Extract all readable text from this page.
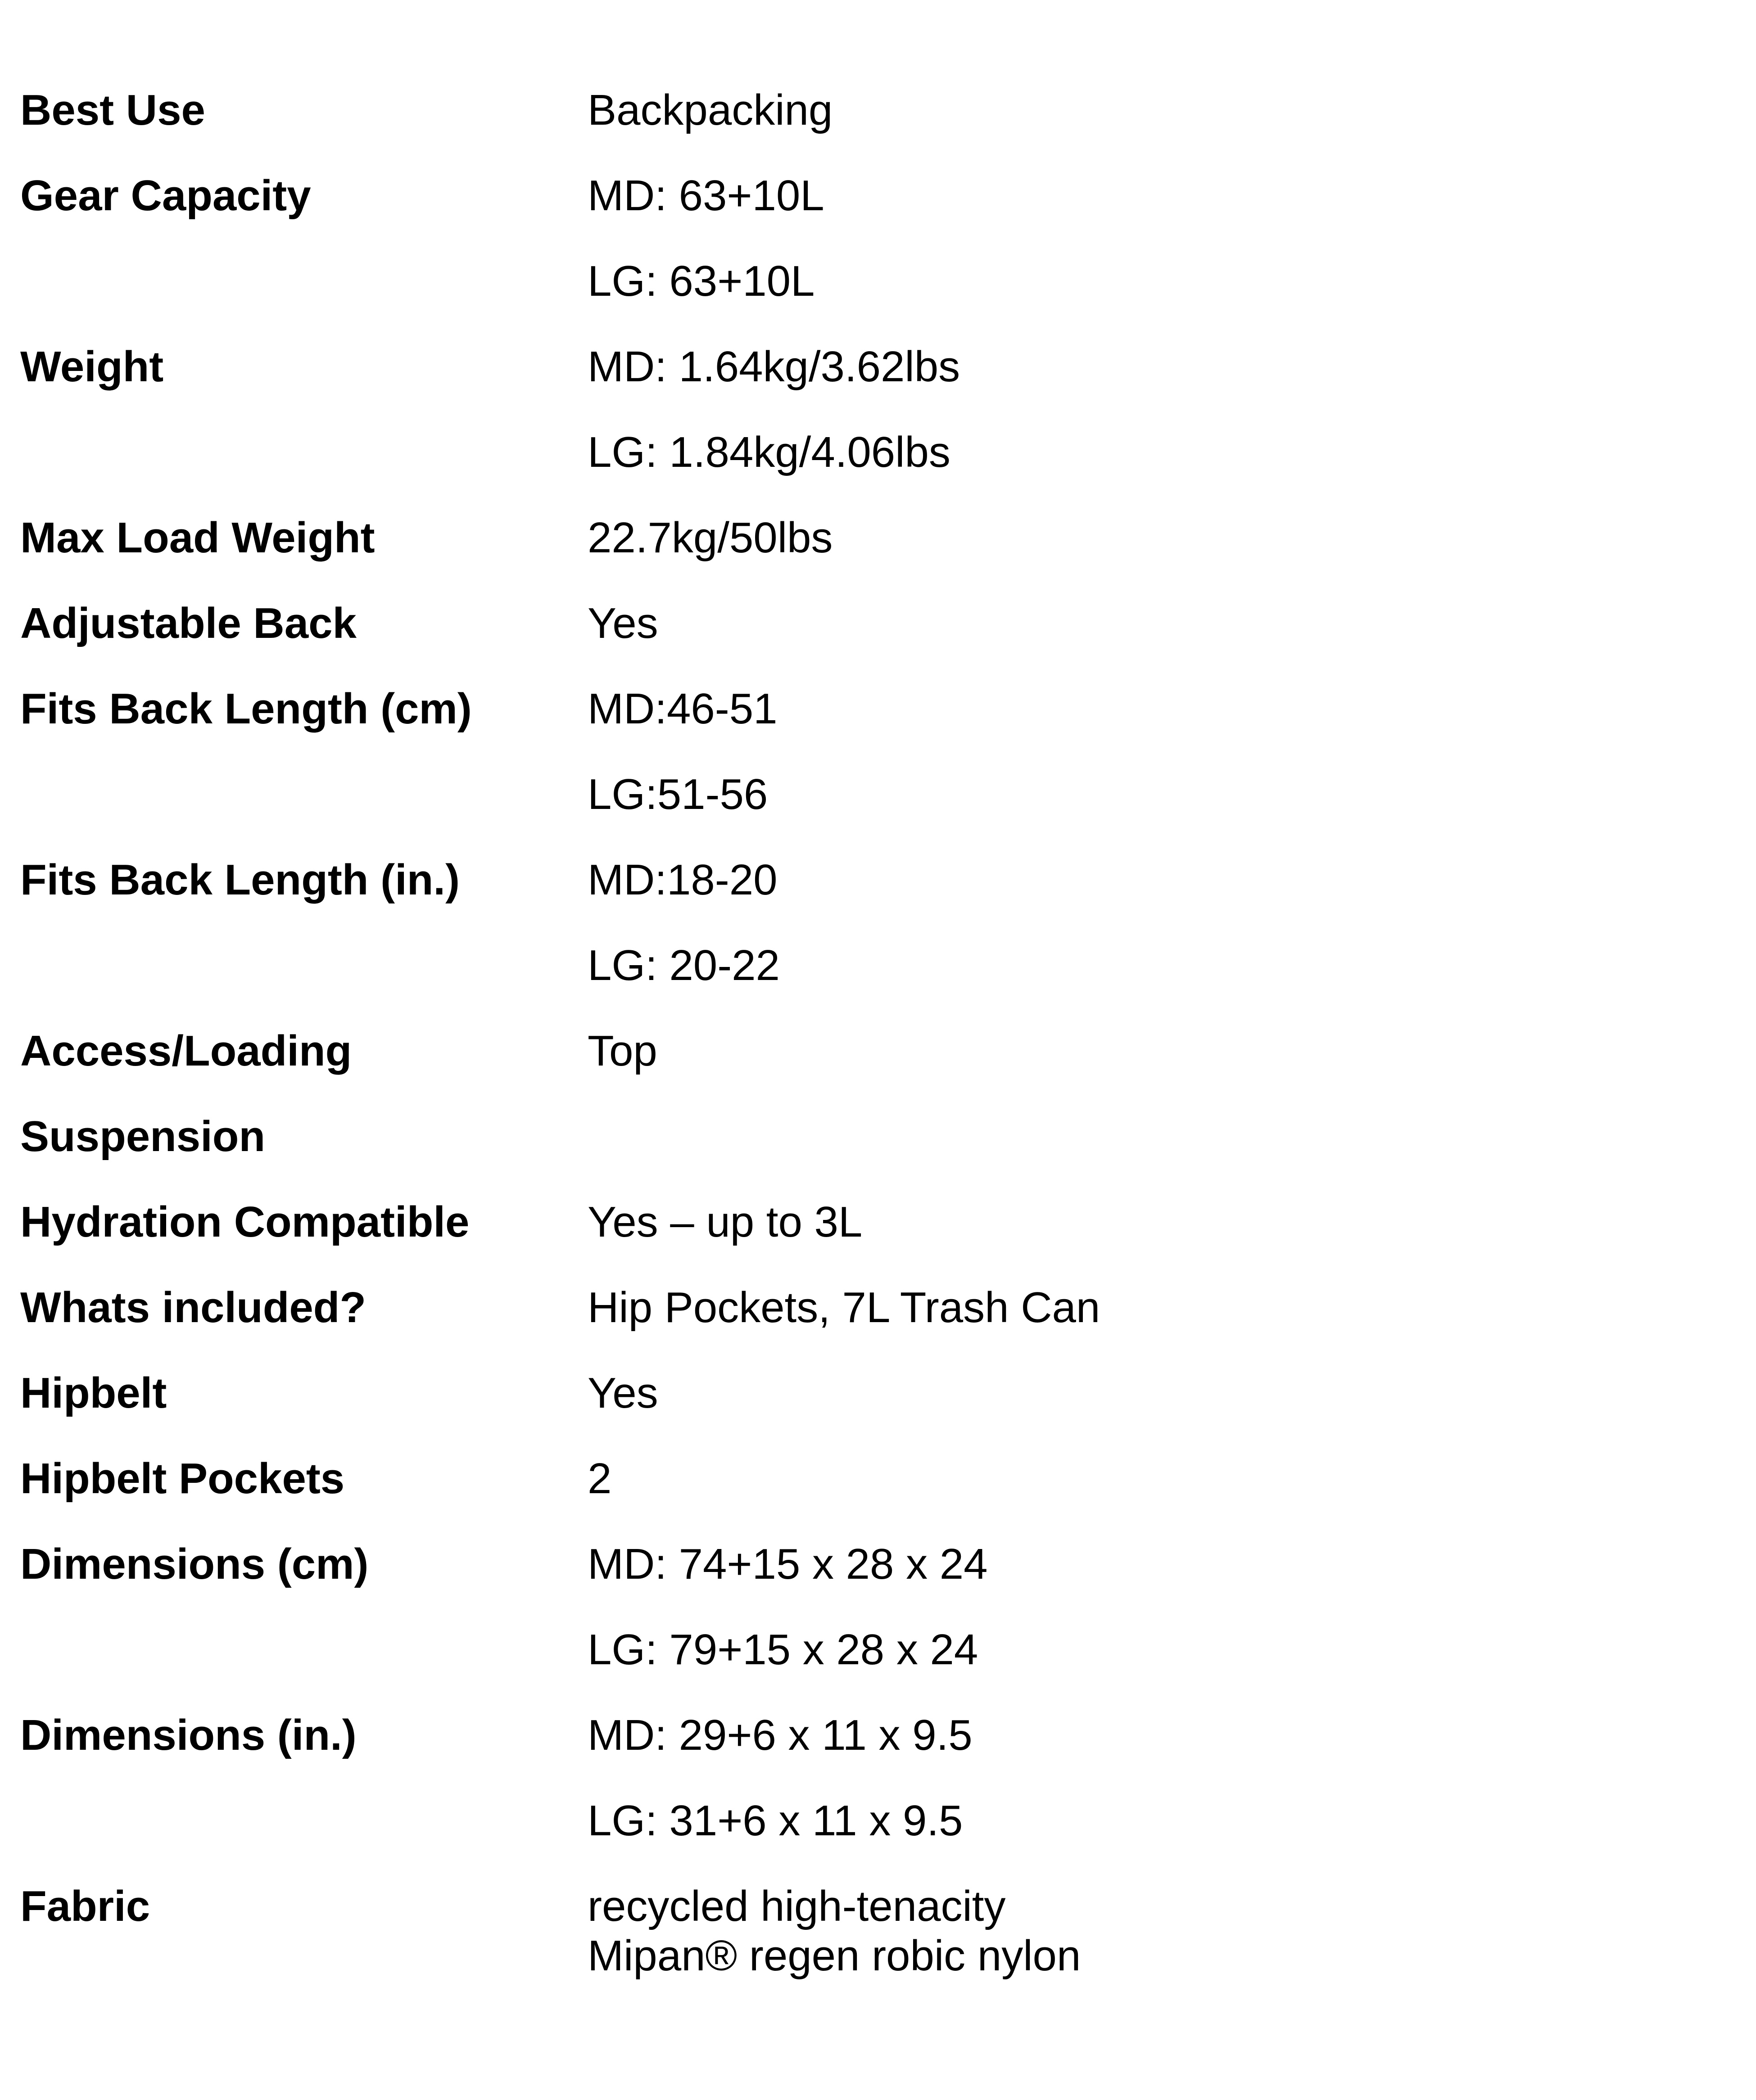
Best Use	Backpacking
Gear Capacity	MD: 63+10L
LG: 63+10L
Weight	MD: 1.64kg/3.62lbs
LG: 1.84kg/4.06lbs
Max Load Weight	22.7kg/50lbs
Adjustable Back	Yes
Fits Back Length (cm)	MD:46-51
LG:51-56
Fits Back Length (in.)	MD:18-20
LG: 20-22
Access/Loading	Top
Suspension
Hydration Compatible	Yes – up to 3L
Whats included?	Hip Pockets, 7L Trash Can
Hipbelt	Yes
Hipbelt Pockets	2
Dimensions (cm)	MD: 74+15 x 28 x 24
LG: 79+15 x 28 x 24
Dimensions (in.)	MD: 29+6 x 11 x 9.5
LG: 31+6 x 11 x 9.5
Fabric	recycled high-tenacity
Mipan® regen robic nylon
